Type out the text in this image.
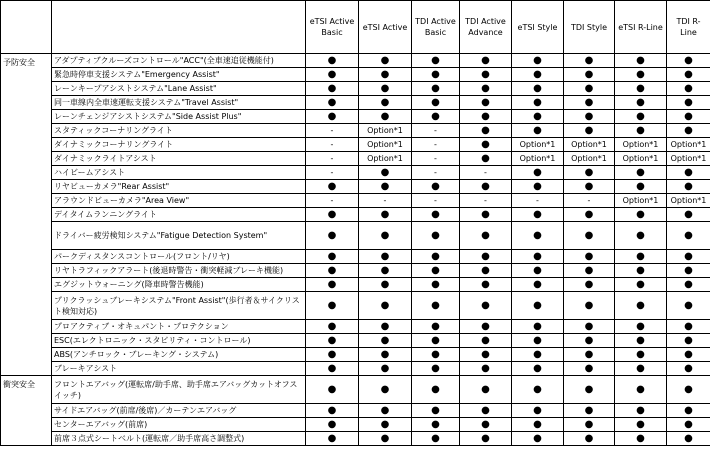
		eTSI Active Basic	eTSI Active	TDI Active Basic	TDI Active Advance	eTSI Style	TDI Style	eTSI R-Line	TDI R-Line
予防安全	アダプティブクルーズコントロール"ACC"(全車速追従機能付)	●	●	●	●	●	●	●	●
	緊急時停車支援システム"Emergency Assist"	●	●	●	●	●	●	●	●
	レーンキープアシストシステム"Lane Assist"	●	●	●	●	●	●	●	●
	同一車線内全車速運転支援システム"Travel Assist"	●	●	●	●	●	●	●	●
	レーンチェンジアシストシステム"Side Assist Plus"	●	●	●	●	●	●	●	●
	スタティックコーナリングライト	-	Option*1	-	●	●	●	●	●
	ダイナミックコーナリングライト	-	Option*1	-	●	Option*1	Option*1	Option*1	Option*1
	ダイナミックライトアシスト	-	Option*1	-	●	Option*1	Option*1	Option*1	Option*1
	ハイビームアシスト	-	●	-	-	●	●	●	●
	リヤビューカメラ"Rear Assist"	●	●	●	●	●	●	●	●
	アラウンドビューカメラ"Area View"	-	-	-	-	-	-	Option*1	Option*1
	デイタイムランニングライト	●	●	●	●	●	●	●	●
	ドライバー疲労検知システム"Fatigue Detection System"	●	●	●	●	●	●	●	●
	パークディスタンスコントロール(フロント/リヤ)	●	●	●	●	●	●	●	●
	リヤトラフィックアラート(後退時警告・衝突軽減ブレーキ機能)	●	●	●	●	●	●	●	●
	エグジットウォーニング(降車時警告機能)	●	●	●	●	●	●	●	●
	プリクラッシュブレーキシステム"Front Assist"(歩行者＆サイクリスト検知対応)	●	●	●	●	●	●	●	●
	プロアクティブ・オキュパント・プロテクション	●	●	●	●	●	●	●	●
	ESC(エレクトロニック・スタビリティ・コントロール)	●	●	●	●	●	●	●	●
	ABS(アンチロック・ブレーキング・システム)	●	●	●	●	●	●	●	●
	ブレーキアシスト	●	●	●	●	●	●	●	●
衝突安全	フロントエアバッグ(運転席/助手席、助手席エアバッグカットオフスイッチ)	●	●	●	●	●	●	●	●
	サイドエアバッグ(前席/後席)／カーテンエアバッグ	●	●	●	●	●	●	●	●
	センターエアバッグ(前席)	●	●	●	●	●	●	●	●
	前席３点式シートベルト(運転席／助手席高さ調整式)	●	●	●	●	●	●	●	●
